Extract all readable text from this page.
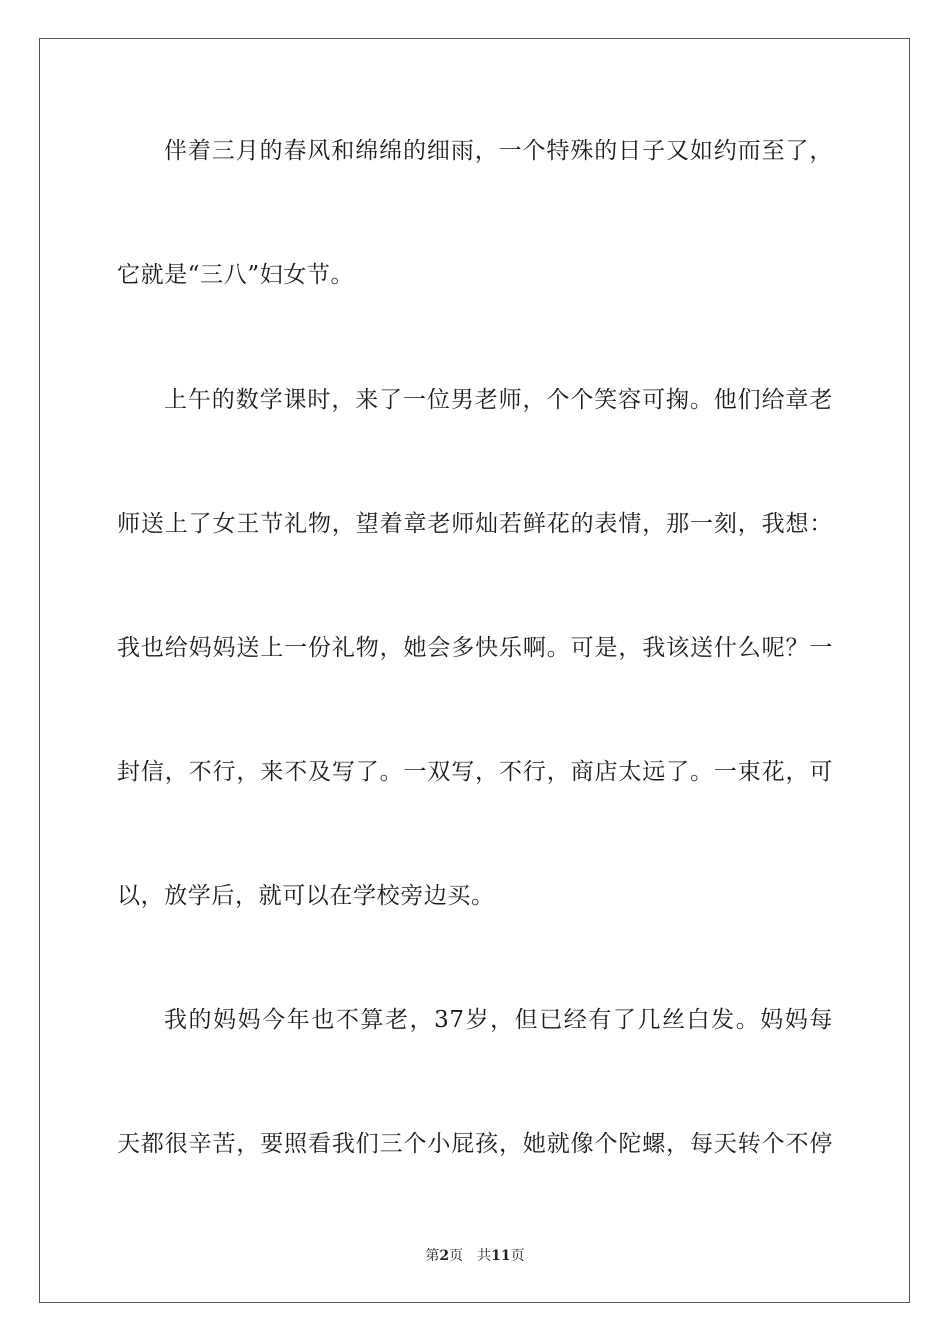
伴着三月的春风和绵绵的细雨，一个特殊的日子又如约而至了，
它就是“三八”妇女节。
上午的数学课时，来了一位男老师，个个笑容可掬。他们给章老
师送上了女王节礼物，望着章老师灿若鲜花的表情，那一刻，我想：
我也给妈妈送上一份礼物，她会多快乐啊。可是，我该送什么呢？一
封信，不行，来不及写了。一双写，不行，商店太远了。一束花，可
以，放学后，就可以在学校旁边买。
我的妈妈今年也不算老，37岁，但已经有了几丝白发。妈妈每
天都很辛苦，要照看我们三个小屁孩，她就像个陀螺，每天转个不停
第2页 共11页
